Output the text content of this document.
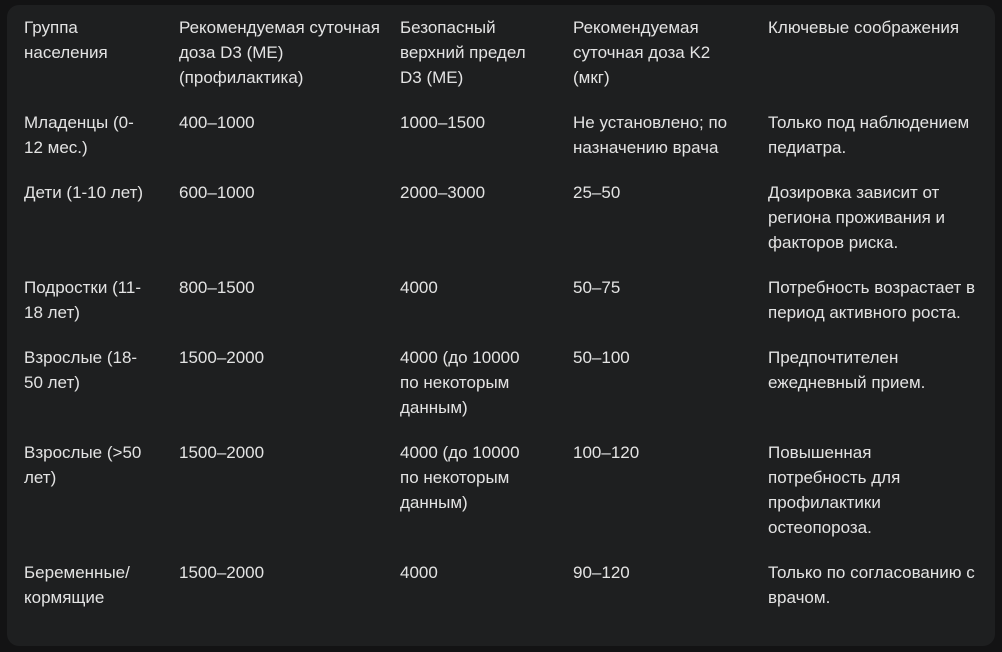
Группа населения	Рекомендуемая суточная доза D3 (МЕ) (профилактика)	Безопасный верхний предел D3 (МЕ)	Рекомендуемая суточная доза K2 (мкг)	Ключевые соображения

Младенцы (0-12 мес.)	400–1000	1000–1500	Не установлено; по назначению врача	Только под наблюдением педиатра.

Дети (1-10 лет)	600–1000	2000–3000	25–50	Дозировка зависит от региона проживания и факторов риска.

Подростки (11-18 лет)	800–1500	4000	50–75	Потребность возрастает в период активного роста.

Взрослые (18-50 лет)	1500–2000	4000 (до 10000 по некоторым данным)	50–100	Предпочтителен ежедневный прием.

Взрослые (>50 лет)	1500–2000	4000 (до 10000 по некоторым данным)	100–120	Повышенная потребность для профилактики остеопороза.

Беременные/кормящие	1500–2000	4000	90–120	Только по согласованию с врачом.
